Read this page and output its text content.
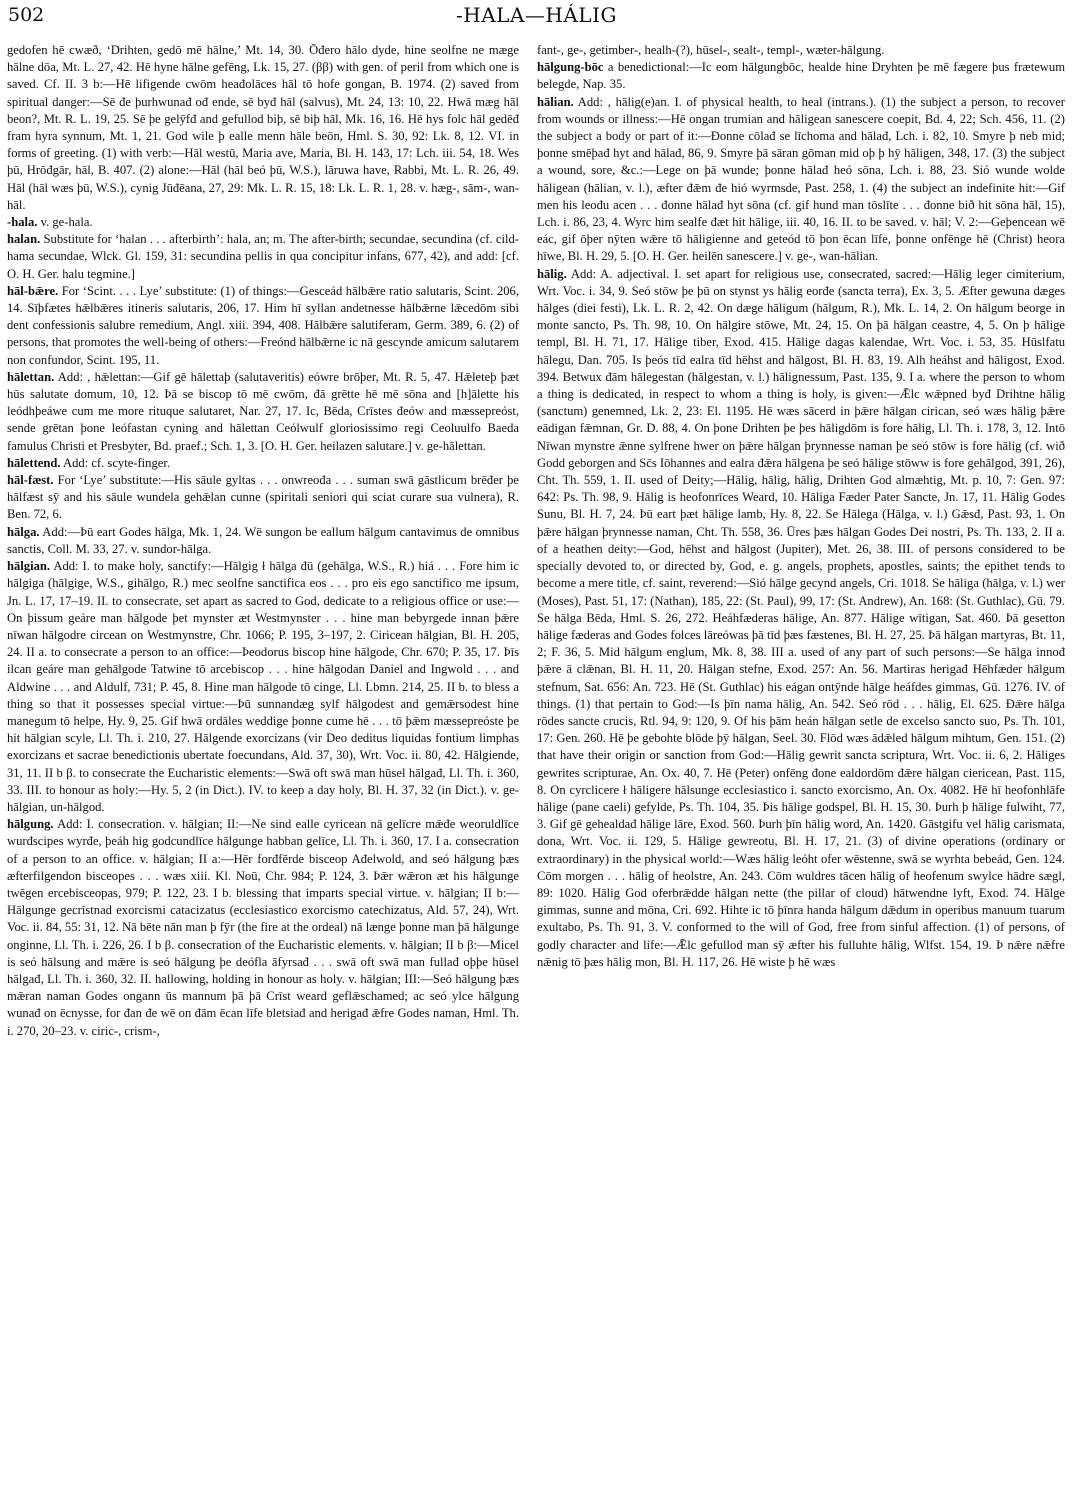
502	-HALA—HÁLIG

gedofen hē cwæð, ‘Drihten, gedō mē hālne,’ Mt. 14, 30. Ōđero hālo dyde, hine seolfne ne mæge hālne dōa, Mt. L. 27, 42. Hē hyne hālne gefēng, Lk. 15, 27. (ββ) with gen. of peril from which one is saved. Cf. II. 3 b:—Hē lifigende cwōm heađolāces hāl tō hofe gongan, B. 1974. (2) saved from spiritual danger:—Sē đe þurhwunađ ođ ende, sē byđ hāl (salvus), Mt. 24, 13: 10, 22. Hwā mæg hāl beon?, Mt. R. L. 19, 25. Sē þe gelȳfđ and gefullod biþ, sē biþ hāl, Mk. 16, 16. Hē hys folc hāl gedēđ fram hyra synnum, Mt. 1, 21. God wile þ ealle menn hāle beōn, Hml. S. 30, 92: Lk. 8, 12. VI. in forms of greeting. (1) with verb:—Hāl westū, Maria ave, Maria, Bl. H. 143, 17: Lch. iii. 54, 18. Wes þū, Hrōđgār, hāl, B. 407. (2) alone:—Hāl (hāl beó þū, W.S.), lāruwa have, Rabbi, Mt. L. R. 26, 49. Hāl (hāl wæs þū, W.S.), cynig Jūđēana, 27, 29: Mk. L. R. 15, 18: Lk. L. R. 1, 28. v. hæg-, sām-, wan-hāl.

-hala. v. ge-hala.

halan. Substitute for ‘halan . . . afterbirth’: hala, an; m. The after-birth; secundae, secundina (cf. cild-hama secundae, Wlck. Gl. 159, 31: secundina pellis in qua concipitur infans, 677, 42), and add: [cf. O. H. Ger. halu tegmine.]

hāl-bǣre. For ‘Scint. . . . Lye’ substitute: (1) of things:—Gesceád hālbǣre ratio salutaris, Scint. 206, 14. Sīþfætes hǣlbǣres itineris salutaris, 206, 17. Him hī syllan andetnesse hālbǣrne lǣcedōm sibi dent confessionis salubre remedium, Angl. xiii. 394, 408. Hālbǣre salutiferam, Germ. 389, 6. (2) of persons, that promotes the well-being of others:—Freónd hālbǣrne ic nā gescynde amicum salutarem non confundor, Scint. 195, 11.

hālettan. Add: , hǣlettan:—Gif gē hālettaþ (salutaveritis) eówre brōþer, Mt. R. 5, 47. Hǣleteþ þæt hūs salutate domum, 10, 12. Þā se biscop tō mē cwōm, đā grētte hē mē sōna and [h]ālette his leódhþeáwe cum me more rituque salutaret, Nar. 27, 17. Ic, Bēda, Crīstes đeów and mæssepreóst, sende grētan þone leófastan cyning and hālettan Ceólwulf gloriosissimo regi Ceoluulfo Baeda famulus Christi et Presbyter, Bd. praef.; Sch. 1, 3. [O. H. Ger. heilazen salutare.] v. ge-hālettan.

hālettend. Add: cf. scyte-finger.

hāl-fæst. For ‘Lye’ substitute:—His sāule gyltas . . . onwreođa . . . suman swā gāstlicum brēđer þe hālfæst sȳ and his sāule wundela gehǣlan cunne (spiritali seniori qui sciat curare sua vulnera), R. Ben. 72, 6.

hālga. Add:—Þū eart Godes hālga, Mk. 1, 24. Wē sungon be eallum hālgum cantavimus de omnibus sanctis, Coll. M. 33, 27. v. sundor-hālga.

hālgian. Add: I. to make holy, sanctify:—Hālgig ł hālga đū (gehālga, W.S., R.) hiá . . . Fore him ic hālgiga (hālgige, W.S., gihālgo, R.) mec seolfne sanctifica eos . . . pro eis ego sanctifico me ipsum, Jn. L. 17, 17–19. II. to consecrate, set apart as sacred to God, dedicate to a religious office or use:—On þissum geáre man hālgode þet mynster æt Westmynster . . . hine man bebyrgede innan þǣre nīwan hālgodre circean on Westmynstre, Chr. 1066; P. 195, 3–197, 2. Ciricean hālgian, Bl. H. 205, 24. II a. to consecrate a person to an office:—Þeodorus biscop hine hālgode, Chr. 670; P. 35, 17. Þīs ilcan geáre man gehālgode Tatwine tō arcebiscop . . . hine hālgodan Daniel and Ingwold . . . and Aldwine . . . and Aldulf, 731; P. 45, 8. Hine man hālgode tō cinge, Ll. Lbmn. 214, 25. II b. to bless a thing so that it possesses special virtue:—Þū sunnandæg sylf hālgodest and gemǣrsodest hine manegum tō helpe, Hy. 9, 25. Gif hwā ordāles weddige þonne cume hē . . . tō þǣm mæssepreóste þe hit hālgian scyle, Ll. Th. i. 210, 27. Hālgende exorcizans (vir Deo deditus liquidas fontium limphas exorcizans et sacrae benedictionis ubertate foecundans, Ald. 37, 30), Wrt. Voc. ii. 80, 42. Hālgiende, 31, 11. II b β. to consecrate the Eucharistic elements:—Swā oft swā man hūsel hālgađ, Ll. Th. i. 360, 33. III. to honour as holy:—Hy. 5, 2 (in Dict.). IV. to keep a day holy, Bl. H. 37, 32 (in Dict.). v. ge-hālgian, un-hālgod.

hālgung. Add: I. consecration. v. hālgian; II:—Ne sind ealle cyricean nā gelīcre mǣđe weoruldlīce wurđscipes wyrđe, þeáh hig godcundlīce hālgunge habban gelīce, Ll. Th. i. 360, 17. I a. consecration of a person to an office. v. hālgian; II a:—Hēr forđfērde bisceop Ađelwold, and seó hālgung þæs æfterfilgendon bisceopes . . . wæs xiii. Kl. Noū, Chr. 984; P. 124, 3. Þǣr wǣron æt his hālgunge twēgen ercebisceopas, 979; P. 122, 23. I b. blessing that imparts special virtue. v. hālgian; II b:—Hālgunge gecrīstnad exorcismi catacizatus (ecclesiastico exorcismo catechizatus, Ald. 57, 24), Wrt. Voc. ii. 84, 55: 31, 12. Nā bēte nān man þ fȳr (the fire at the ordeal) nā længe þonne man þā hālgunge onginne, Ll. Th. i. 226, 26. I b β. consecration of the Eucharistic elements. v. hālgian; II b β:—Micel is seó hālsung and mǣre is seó hālgung þe deófla āfyrsađ . . . swā oft swā man fullađ oþþe hūsel hālgađ, Ll. Th. i. 360, 32. II. hallowing, holding in honour as holy. v. hālgian; III:—Seó hālgung þæs mǣran naman Godes ongann ūs mannum þā þā Crīst weard geflǣschamed; ac seó ylce hālgung wunađ on ēcnysse, for đan đe wē on đām ēcan līfe bletsiađ and herigađ ǣfre Godes naman, Hml. Th. i. 270, 20–23. v. ciric-, crism-,

fant-, ge-, getimber-, healh-(?), hūsel-, sealt-, templ-, wæter-hālgung.

hālgung-bōc a benedictional:—Ic eom hālgungbōc, healde hine Dryhten þe mē fægere þus frætewum belegde, Nap. 35.

hālian. Add: , hālig(e)an. I. of physical health, to heal (intrans.). (1) the subject a person, to recover from wounds or illness:—Hē ongan trumian and hāligean sanescere coepit, Bd. 4, 22; Sch. 456, 11. (2) the subject a body or part of it:—Đonne cōlađ se līchoma and hālađ, Lch. i. 82, 10. Smyre þ neb mid; þonne smēþađ hyt and hālađ, 86, 9. Smyre þā sāran gōman mid oþ þ hȳ hāligen, 348, 17. (3) the subject a wound, sore, &c.:—Lege on þā wunde; þonne hālađ heó sōna, Lch. i. 88, 23. Sió wunde wolde hāligean (hālian, v. l.), æfter đǣm đe hió wyrmsde, Past. 258, 1. (4) the subject an indefinite hit:—Gif men his leođu acen . . . đonne hālađ hyt sōna (cf. gif hund man tōslīte . . . đonne bið hit sōna hāl, 15), Lch. i. 86, 23, 4. Wyrc him sealfe đæt hit hālige, iii. 40, 16. II. to be saved. v. hāl; V. 2:—Geþencean wē eác, gif ōþer nȳten wǣre tō hāligienne and geteód tō þon ēcan līfe, þonne onfēnge hē (Christ) heora hīwe, Bl. H. 29, 5. [O. H. Ger. heilēn sanescere.] v. ge-, wan-hālian.

hālig. Add: A. adjectival. I. set apart for religious use, consecrated, sacred:—Hālig leger cimiterium, Wrt. Voc. i. 34, 9. Seó stōw þe þū on stynst ys hālig eorđe (sancta terra), Ex. 3, 5. Æfter gewuna dæges hālges (diei festi), Lk. L. R. 2, 42. On dæge hāligum (hālgum, R.), Mk. L. 14, 2. On hālgum beorge in monte sancto, Ps. Th. 98, 10. On hālgire stōwe, Mt. 24, 15. On þā hālgan ceastre, 4, 5. On þ hālige templ, Bl. H. 71, 17. Hālige tiber, Exod. 415. Hālige dagas kalendae, Wrt. Voc. i. 53, 35. Hūslfatu hālegu, Dan. 705. Is þeós tīd ealra tīd hēhst and hālgost, Bl. H. 83, 19. Alh heáhst and hāligost, Exod. 394. Betwux đām hālegestan (hālgestan, v. l.) hālignessum, Past. 135, 9. I a. where the person to whom a thing is dedicated, in respect to whom a thing is holy, is given:—Ǣlc wǣpned byđ Drihtne hālig (sanctum) genemned, Lk. 2, 23: El. 1195. Hē wæs sācerd in þǣre hālgan cirican, seó wæs hālig þǣre eādigan fǣmnan, Gr. D. 88, 4. On þone Drihten þe þes hāligdōm is fore hālig, Ll. Th. i. 178, 3, 12. Intō Nīwan mynstre ǣnne sylfrene hwer on þǣre hālgan þrynnesse naman þe seó stōw is fore hālig (cf. wið Godd geborgen and Sc̄s Iōhannes and ealra đǣra hālgena þe seó hālige stōww is fore gehālgod, 391, 26), Cht. Th. 559, 1. II. used of Deity;—Hālig, hālig, hālig, Drihten God almæhtig, Mt. p. 10, 7: Gen. 97: 642: Ps. Th. 98, 9. Hālig is heofonrīces Weard, 10. Hāliga Fæder Pater Sancte, Jn. 17, 11. Hālig Godes Sunu, Bl. H. 7, 24. Þū eart þæt hālige lamb, Hy. 8, 22. Se Hālega (Hālga, v. l.) Gǣsđ, Past. 93, 1. On þǣre hālgan þrynnesse naman, Cht. Th. 558, 36. Ūres þæs hālgan Godes Dei nostri, Ps. Th. 133, 2. II a. of a heathen deity:—God, hēhst and hālgost (Jupiter), Met. 26, 38. III. of persons considered to be specially devoted to, or directed by, God, e. g. angels, prophets, apostles, saints; the epithet tends to become a mere title, cf. saint, reverend:—Sió hālge gecynd angels, Cri. 1018. Se hāliga (hālga, v. l.) wer (Moses), Past. 51, 17: (Nathan), 185, 22: (St. Paul), 99, 17: (St. Andrew), An. 168: (St. Guthlac), Gū. 79. Se hālga Bēda, Hml. S. 26, 272. Heáhfæderas hālige, An. 877. Hālige wītigan, Sat. 460. Þā gesetton hālige fæderas and Godes folces lāreówas þā tīd þæs fæstenes, Bl. H. 27, 25. Þā hālgan martyras, Bt. 11, 2; F. 36, 5. Mid hālgum englum, Mk. 8, 38. III a. used of any part of such persons:—Se hālga innođ þǣre ā clǣnan, Bl. H. 11, 20. Hālgan stefne, Exod. 257: An. 56. Martiras herigađ Hēhfæder hālgum stefnum, Sat. 656: An. 723. Hē (St. Guthlac) his eágan ontȳnde hālge heáfdes gimmas, Gū. 1276. IV. of things. (1) that pertain to God:—Is þīn nama hālig, An. 542. Seó rōd . . . hālig, El. 625. Đǣre hālga rōdes sancte crucis, Rtl. 94, 9: 120, 9. Of his þām heán hālgan setle de excelso sancto suo, Ps. Th. 101, 17: Gen. 260. Hē þe gebohte blōde þȳ hālgan, Seel. 30. Flōd wæs ādǣled hālgum mihtum, Gen. 151. (2) that have their origin or sanction from God:—Hālig gewrit sancta scriptura, Wrt. Voc. ii. 6, 2. Hāliges gewrites scripturae, An. Ox. 40, 7. Hē (Peter) onfēng đone ealdordōm đǣre hālgan ciericean, Past. 115, 8. On cyrclicere ł hāligere hālsunge ecclesiastico i. sancto exorcismo, An. Ox. 4082. Hē hī heofonhlāfe hālige (pane caeli) gefylde, Ps. Th. 104, 35. Þis hālige godspel, Bl. H. 15, 30. Þurh þ hālige fulwiht, 77, 3. Gif gē gehealdađ hālige lāre, Exod. 560. Þurh þīn hālig word, An. 1420. Gāstgifu vel hālig carismata, dona, Wrt. Voc. ii. 129, 5. Hālige gewreotu, Bl. H. 17, 21. (3) of divine operations (ordinary or extraordinary) in the physical world:—Wæs hālig leóht ofer wēstenne, swā se wyrhta bebeád, Gen. 124. Cōm morgen . . . hālig of heolstre, An. 243. Cōm wuldres tācen hālig of heofenum swylce hādre sægl, 89: 1020. Hālig God oferbrǣdde hālgan nette (the pillar of cloud) hātwendne lyft, Exod. 74. Hālge gimmas, sunne and mōna, Cri. 692. Hihte ic tō þīnra handa hālgum dǣdum in operibus manuum tuarum exultabo, Ps. Th. 91, 3. V. conformed to the will of God, free from sinful affection. (1) of persons, of godly character and life:—Ǣlc gefullod man sȳ æfter his fulluhte hālig, Wlfst. 154, 19. Þ nǣre nǣfre nǣnig tō þæs hālig mon, Bl. H. 117, 26. Hē wiste þ hē wæs
